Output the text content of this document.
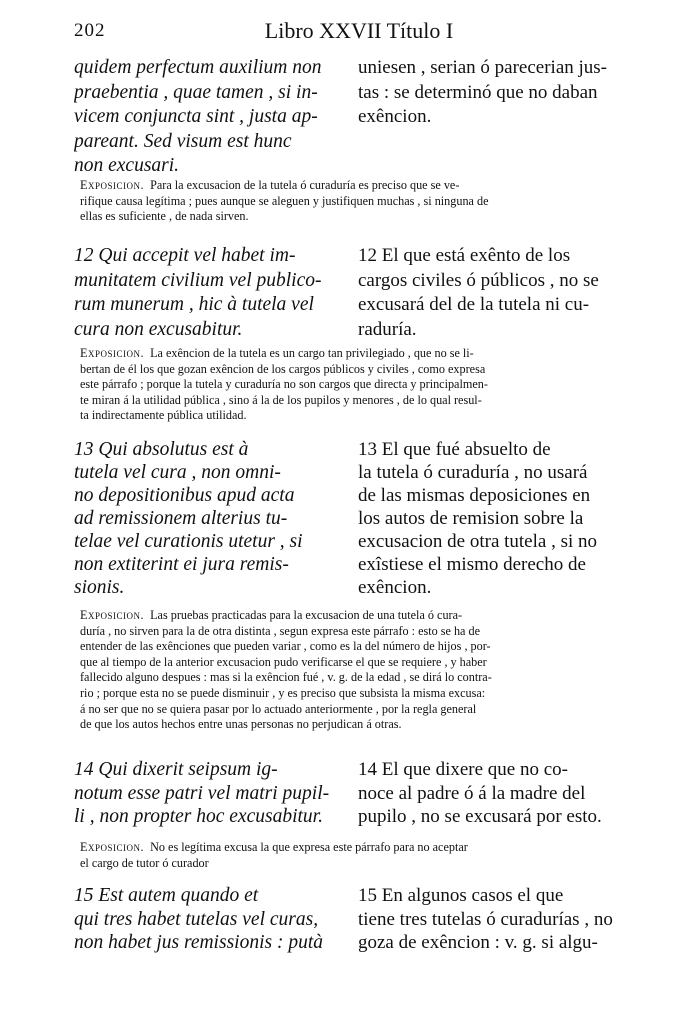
202	Libro XXVII Título I
quidem perfectum auxilium non
praebentia , quae tamen , si in-
vicem conjuncta sint , justa ap-
pareant. Sed visum est hunc
non excusari.
uniesen , serian ó parecerian jus-
tas : se determinó que no daban
exêncion.
Exposicion. Para la excusacion de la tutela ó curaduría es preciso que se ve-
rifique causa legítima ; pues aunque se aleguen y justifiquen muchas , si ninguna de
ellas es suficiente , de nada sirven.
12 Qui accepit vel habet im-
munitatem civilium vel publico-
rum munerum , hic à tutela vel
cura non excusabitur.
12 El que está exênto de los
cargos civiles ó públicos , no se
excusará del de la tutela ni cu-
raduría.
Exposicion. La exêncion de la tutela es un cargo tan privilegiado , que no se li-
bertan de él los que gozan exêncion de los cargos públicos y civiles , como expresa
este párrafo ; porque la tutela y curaduría no son cargos que directa y principalmen-
te miran á la utilidad pública , sino á la de los pupilos y menores , de lo qual resul-
ta indirectamente pública utilidad.
13 Qui absolutus est à
tutela vel cura , non omni-
no depositionibus apud acta
ad remissionem alterius tu-
telae vel curationis utetur , si
non extiterint ei jura remis-
sionis.
13 El que fué absuelto de
la tutela ó curaduría , no usará
de las mismas deposiciones en
los autos de remision sobre la
excusacion de otra tutela , si no
exîstiese el mismo derecho de
exêncion.
Exposicion. Las pruebas practicadas para la excusacion de una tutela ó cura-
duría , no sirven para la de otra distinta , segun expresa este párrafo : esto se ha de
entender de las exênciones que pueden variar , como es la del número de hijos , por-
que al tiempo de la anterior excusacion pudo verificarse el que se requiere , y haber
fallecido alguno despues : mas si la exêncion fué , v. g. de la edad , se dirá lo contra-
rio ; porque esta no se puede disminuir , y es preciso que subsista la misma excusa:
á no ser que no se quiera pasar por lo actuado anteriormente , por la regla general
de que los autos hechos entre unas personas no perjudican á otras.
14 Qui dixerit seipsum ig-
notum esse patri vel matri pupil-
li , non propter hoc excusabitur.
14 El que dixere que no co-
noce al padre ó á la madre del
pupilo , no se excusará por esto.
Exposicion. No es legítima excusa la que expresa este párrafo para no aceptar
el cargo de tutor ó curador
15 Est autem quando et
qui tres habet tutelas vel curas,
non habet jus remissionis : putà
15 En algunos casos el que
tiene tres tutelas ó curadurías , no
goza de exêncion : v. g. si algu-
